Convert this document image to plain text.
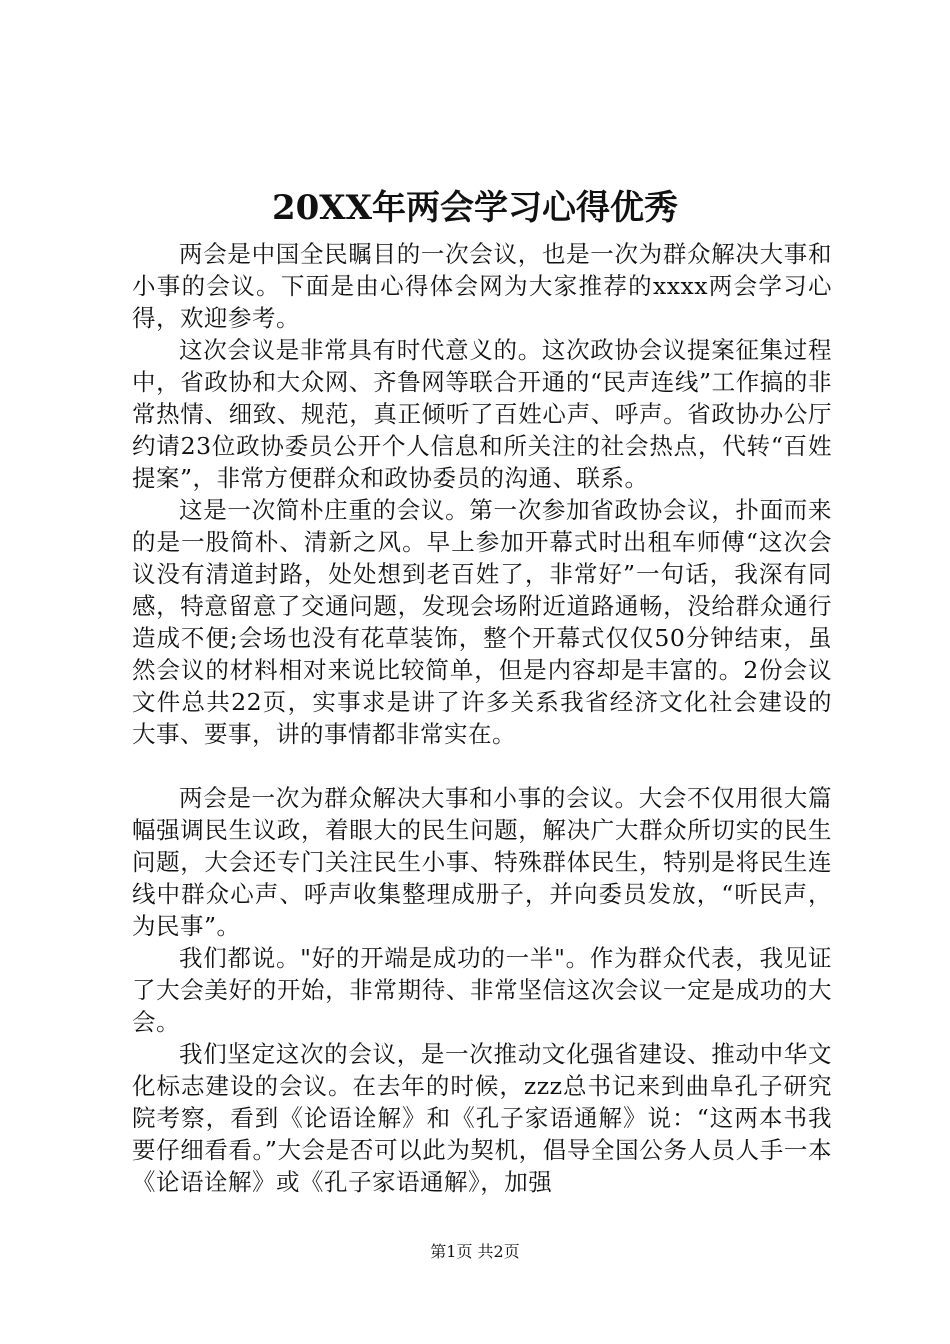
20XX年两会学习心得优秀

两会是中国全民瞩目的一次会议，也是一次为群众解决大事和小事的会议。下面是由心得体会网为大家推荐的xxxx两会学习心得，欢迎参考。

这次会议是非常具有时代意义的。这次政协会议提案征集过程中，省政协和大众网、齐鲁网等联合开通的“民声连线”工作搞的非常热情、细致、规范，真正倾听了百姓心声、呼声。省政协办公厅约请23位政协委员公开个人信息和所关注的社会热点，代转“百姓提案”，非常方便群众和政协委员的沟通、联系。

这是一次简朴庄重的会议。第一次参加省政协会议，扑面而来的是一股简朴、清新之风。早上参加开幕式时出租车师傅“这次会议没有清道封路，处处想到老百姓了，非常好”一句话，我深有同感，特意留意了交通问题，发现会场附近道路通畅，没给群众通行造成不便;会场也没有花草装饰，整个开幕式仅仅50分钟结束，虽然会议的材料相对来说比较简单，但是内容却是丰富的。2份会议文件总共22页，实事求是讲了许多关系我省经济文化社会建设的大事、要事，讲的事情都非常实在。

两会是一次为群众解决大事和小事的会议。大会不仅用很大篇幅强调民生议政，着眼大的民生问题，解决广大群众所切实的民生问题，大会还专门关注民生小事、特殊群体民生，特别是将民生连线中群众心声、呼声收集整理成册子，并向委员发放，“听民声，为民事”。

我们都说。"好的开端是成功的一半"。作为群众代表，我见证了大会美好的开始，非常期待、非常坚信这次会议一定是成功的大会。

我们坚定这次的会议，是一次推动文化强省建设、推动中华文化标志建设的会议。在去年的时候，zzz总书记来到曲阜孔子研究院考察，看到《论语诠解》和《孔子家语通解》说：“这两本书我要仔细看看。”大会是否可以此为契机，倡导全国公务人员人手一本《论语诠解》或《孔子家语通解》，加强

第1页 共2页
